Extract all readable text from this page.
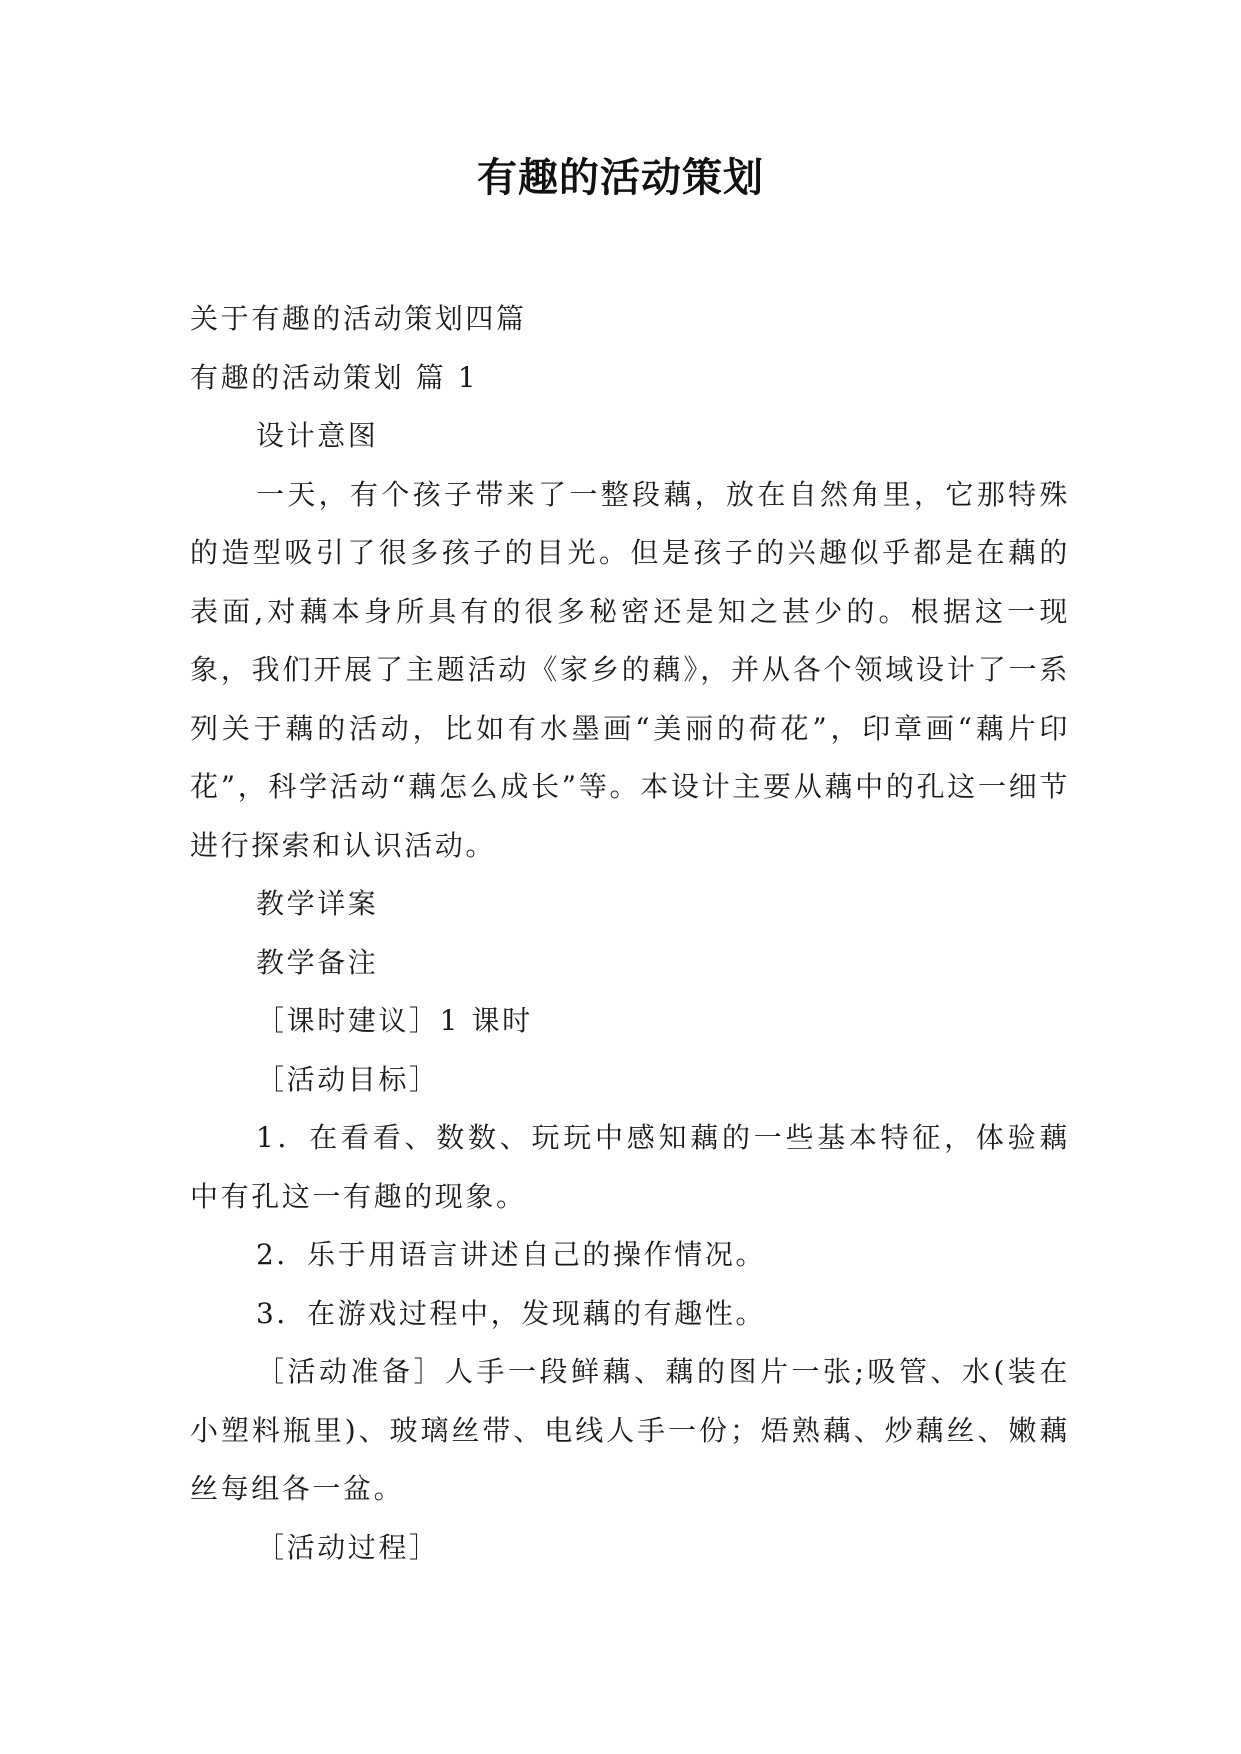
有趣的活动策划
关于有趣的活动策划四篇
有趣的活动策划 篇 1
设计意图
一天，有个孩子带来了一整段藕，放在自然角里，它那特殊的造型吸引了很多孩子的目光。但是孩子的兴趣似乎都是在藕的表面,对藕本身所具有的很多秘密还是知之甚少的。根据这一现象，我们开展了主题活动《家乡的藕》，并从各个领域设计了一系列关于藕的活动，比如有水墨画“美丽的荷花”，印章画“藕片印花”，科学活动“藕怎么成长”等。本设计主要从藕中的孔这一细节进行探索和认识活动。
教学详案
教学备注
［课时建议］1 课时
［活动目标］
1．在看看、数数、玩玩中感知藕的一些基本特征，体验藕中有孔这一有趣的现象。
2．乐于用语言讲述自己的操作情况。
3．在游戏过程中，发现藕的有趣性。
［活动准备］人手一段鲜藕、藕的图片一张;吸管、水(装在小塑料瓶里)、玻璃丝带、电线人手一份；焐熟藕、炒藕丝、嫩藕丝每组各一盆。
［活动过程］
